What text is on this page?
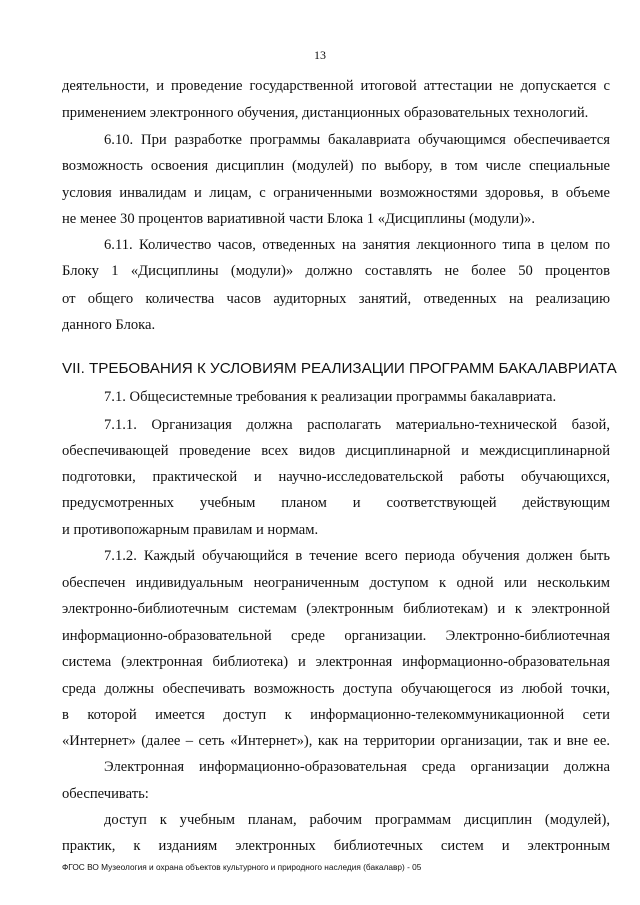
13
деятельности, и проведение государственной итоговой аттестации не допускается с
применением электронного обучения, дистанционных образовательных технологий.
6.10. При разработке программы бакалавриата обучающимся обеспечивается
возможность освоения дисциплин (модулей) по выбору, в том числе специальные
условия инвалидам и лицам, с ограниченными возможностями здоровья, в объеме
не менее 30 процентов вариативной части Блока 1 «Дисциплины (модули)».
6.11. Количество часов, отведенных на занятия лекционного типа в целом по
Блоку 1 «Дисциплины (модули)» должно составлять не более 50 процентов
от общего количества часов аудиторных занятий, отведенных на реализацию
данного Блока.
VII. ТРЕБОВАНИЯ К УСЛОВИЯМ РЕАЛИЗАЦИИ ПРОГРАММ БАКАЛАВРИАТА
7.1. Общесистемные требования к реализации программы бакалавриата.
7.1.1. Организация должна располагать материально-технической базой,
обеспечивающей проведение всех видов дисциплинарной и междисциплинарной
подготовки, практической и научно-исследовательской работы обучающихся,
предусмотренных учебным планом и соответствующей действующим
и противопожарным правилам и нормам.
7.1.2. Каждый обучающийся в течение всего периода обучения должен быть
обеспечен индивидуальным неограниченным доступом к одной или нескольким
электронно-библиотечным системам (электронным библиотекам) и к электронной
информационно-образовательной среде организации. Электронно-библиотечная
система (электронная библиотека) и электронная информационно-образовательная
среда должны обеспечивать возможность доступа обучающегося из любой точки,
в которой имеется доступ к информационно-телекоммуникационной сети
«Интернет» (далее – сеть «Интернет»), как на территории организации, так и вне ее.
Электронная информационно-образовательная среда организации должна
обеспечивать:
доступ к учебным планам, рабочим программам дисциплин (модулей),
практик, к изданиям электронных библиотечных систем и электронным
ФГОС ВО Музеология и охрана объектов культурного и природного наследия (бакалавр) - 05
